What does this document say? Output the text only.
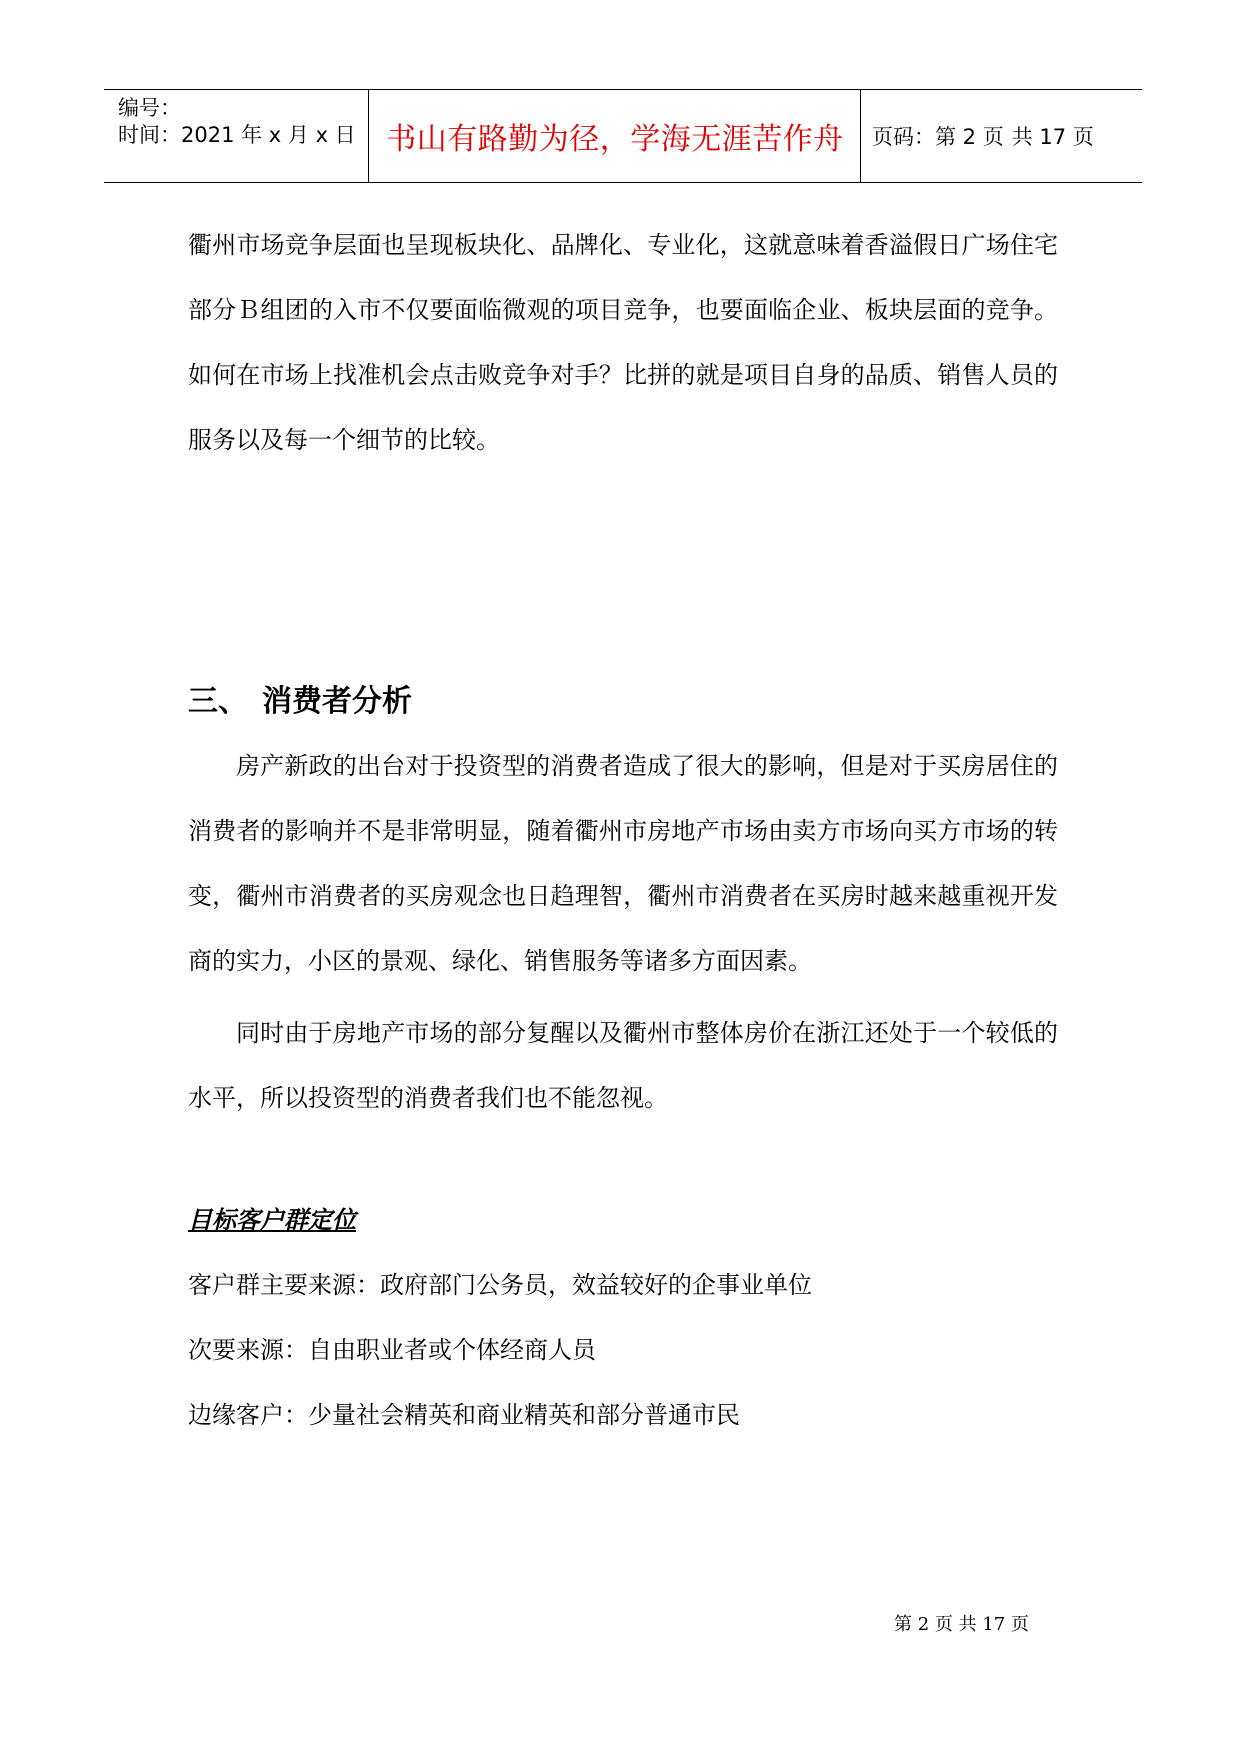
编号：
时间：2021 年 x 月 x 日	书山有路勤为径，学海无涯苦作舟	页码：第 2 页 共 17 页

衢州市场竞争层面也呈现板块化、品牌化、专业化，这就意味着香溢假日广场住宅部分Ｂ组团的入市不仅要面临微观的项目竞争，也要面临企业、板块层面的竞争。如何在市场上找准机会点击败竞争对手？比拼的就是项目自身的品质、销售人员的服务以及每一个细节的比较。

三、 消费者分析

房产新政的出台对于投资型的消费者造成了很大的影响，但是对于买房居住的消费者的影响并不是非常明显，随着衢州市房地产市场由卖方市场向买方市场的转变，衢州市消费者的买房观念也日趋理智，衢州市消费者在买房时越来越重视开发商的实力，小区的景观、绿化、销售服务等诸多方面因素。

同时由于房地产市场的部分复醒以及衢州市整体房价在浙江还处于一个较低的水平，所以投资型的消费者我们也不能忽视。

目标客户群定位
客户群主要来源：政府部门公务员，效益较好的企事业单位
次要来源：自由职业者或个体经商人员
边缘客户：少量社会精英和商业精英和部分普通市民
第 2 页 共 17 页
